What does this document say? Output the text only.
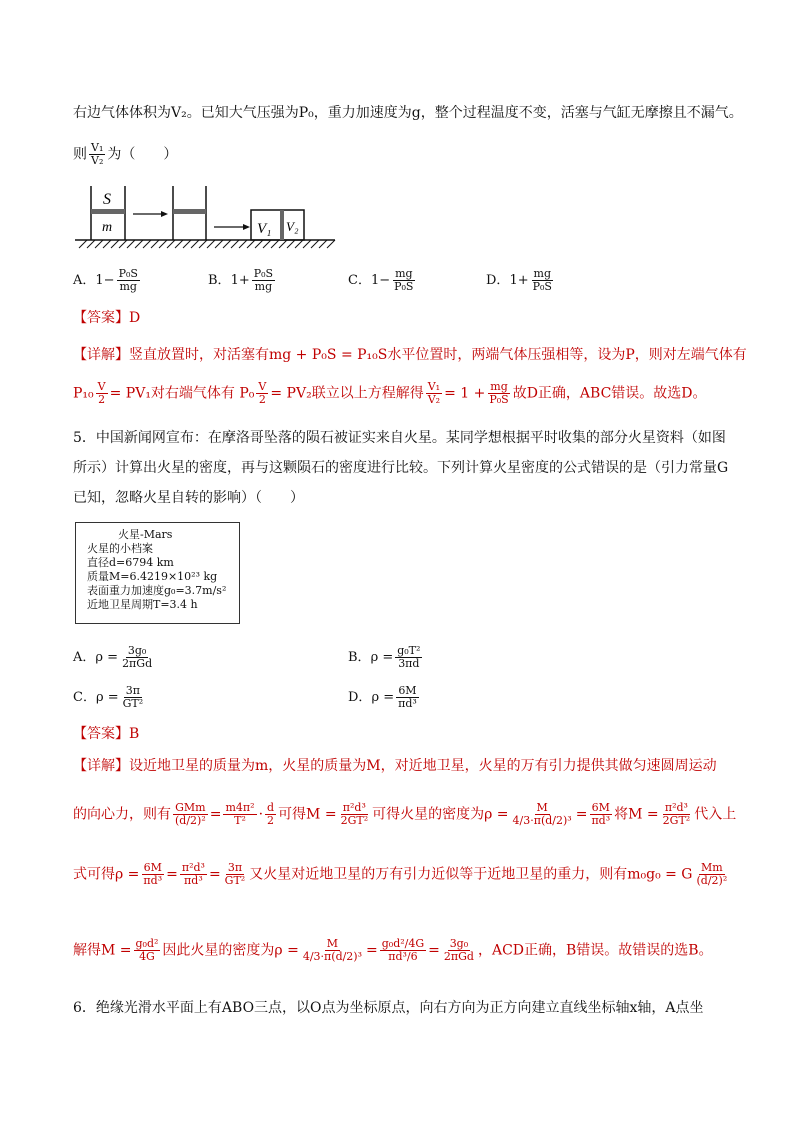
右边气体体积为V₂。已知大气压强为P₀，重力加速度为g，整个过程温度不变，活塞与气缸无摩擦且不漏气。
则 $\frac{\text{V₁}}{\text{V₂}}$ 为（　　）
S
m	V₁ V₂
A．$1- \frac{\text{P₀S}}{mg}$	B．$1+ \frac{\text{P₀S}}{mg}$	C．$1- \frac{mg}{\text{P₀S}}$	D．$1+ \frac{mg}{\text{P₀S}}$
【答案】D
【详解】竖直放置时，对活塞有mg + P₀S = P₁₀S水平位置时，两端气体压强相等，设为P，则对左端气体有
$P_{10} \frac{V}{2} = PV_1$对右端气体有 $P_0 \frac{V}{2} = PV_2$联立以上方程解得 $\frac{\text{V₁}}{\text{V₂}} = 1 + \frac{mg}{\text{P₀S}}$ 故D正确，ABC错误。故选D。
5．中国新闻网宣布：在摩洛哥坠落的陨石被证实来自火星。某同学想根据平时收集的部分火星资料（如图
所示）计算出火星的密度，再与这颗陨石的密度进行比较。下列计算火星密度的公式错误的是（引力常量G
已知，忽略火星自转的影响）（　　）
火星-Mars
火星的小档案
直径d=6794 km
质量M=6.4219×10²³ kg
表面重力加速度g₀=3.7m/s²
近地卫星周期T=3.4 h
A．$\rho = \frac{\text{3g₀}}{\text{2πGd}}$	B．$\rho = \frac{\text{g₀T²}}{3\pi d}$
C．$\rho = \frac{3\pi}{\text{GT²}}$	D．$\rho = \frac{6M}{\text{πd³}}$
【答案】B
【详解】设近地卫星的质量为m，火星的质量为M，对近地卫星，火星的万有引力提供其做匀速圆周运动
的向心力，则有 $\frac{\text{GMm}}{\text{(d/2)²}} = \frac{\text{m4π²}}{\text{T²}} \cdot \frac{d}{2}$ 可得$M = \frac{\text{π²d³}}{\text{2GT²}}$ 可得火星的密度为$\rho = \frac{M}{\text{4/3·π(d/2)³}} = \frac{6M}{\text{πd³}}$ 将$M = \frac{\text{π²d³}}{\text{2GT²}}$ 代入上
式可得$\rho = \frac{6M}{\text{πd³}} = \frac{\text{π²d³}}{\text{πd³}} = \frac{3\pi}{\text{GT²}}$ 又火星对近地卫星的万有引力近似等于近地卫星的重力，则有m₀g₀ = G $\frac{Mm}{\text{(d/2)²}}$
解得$M = \frac{\text{g₀d²}}{4G}$ 因此火星的密度为$\rho = \frac{M}{\text{4/3·π(d/2)³}} = \frac{\text{g₀d²/4G}}{\text{πd³/6}} = \frac{\text{3g₀}}{\text{2πGd}}$ ，ACD正确，B错误。故错误的选B。
6．绝缘光滑水平面上有ABO三点，以O点为坐标原点，向右方向为正方向建立直线坐标轴x轴，A点坐
